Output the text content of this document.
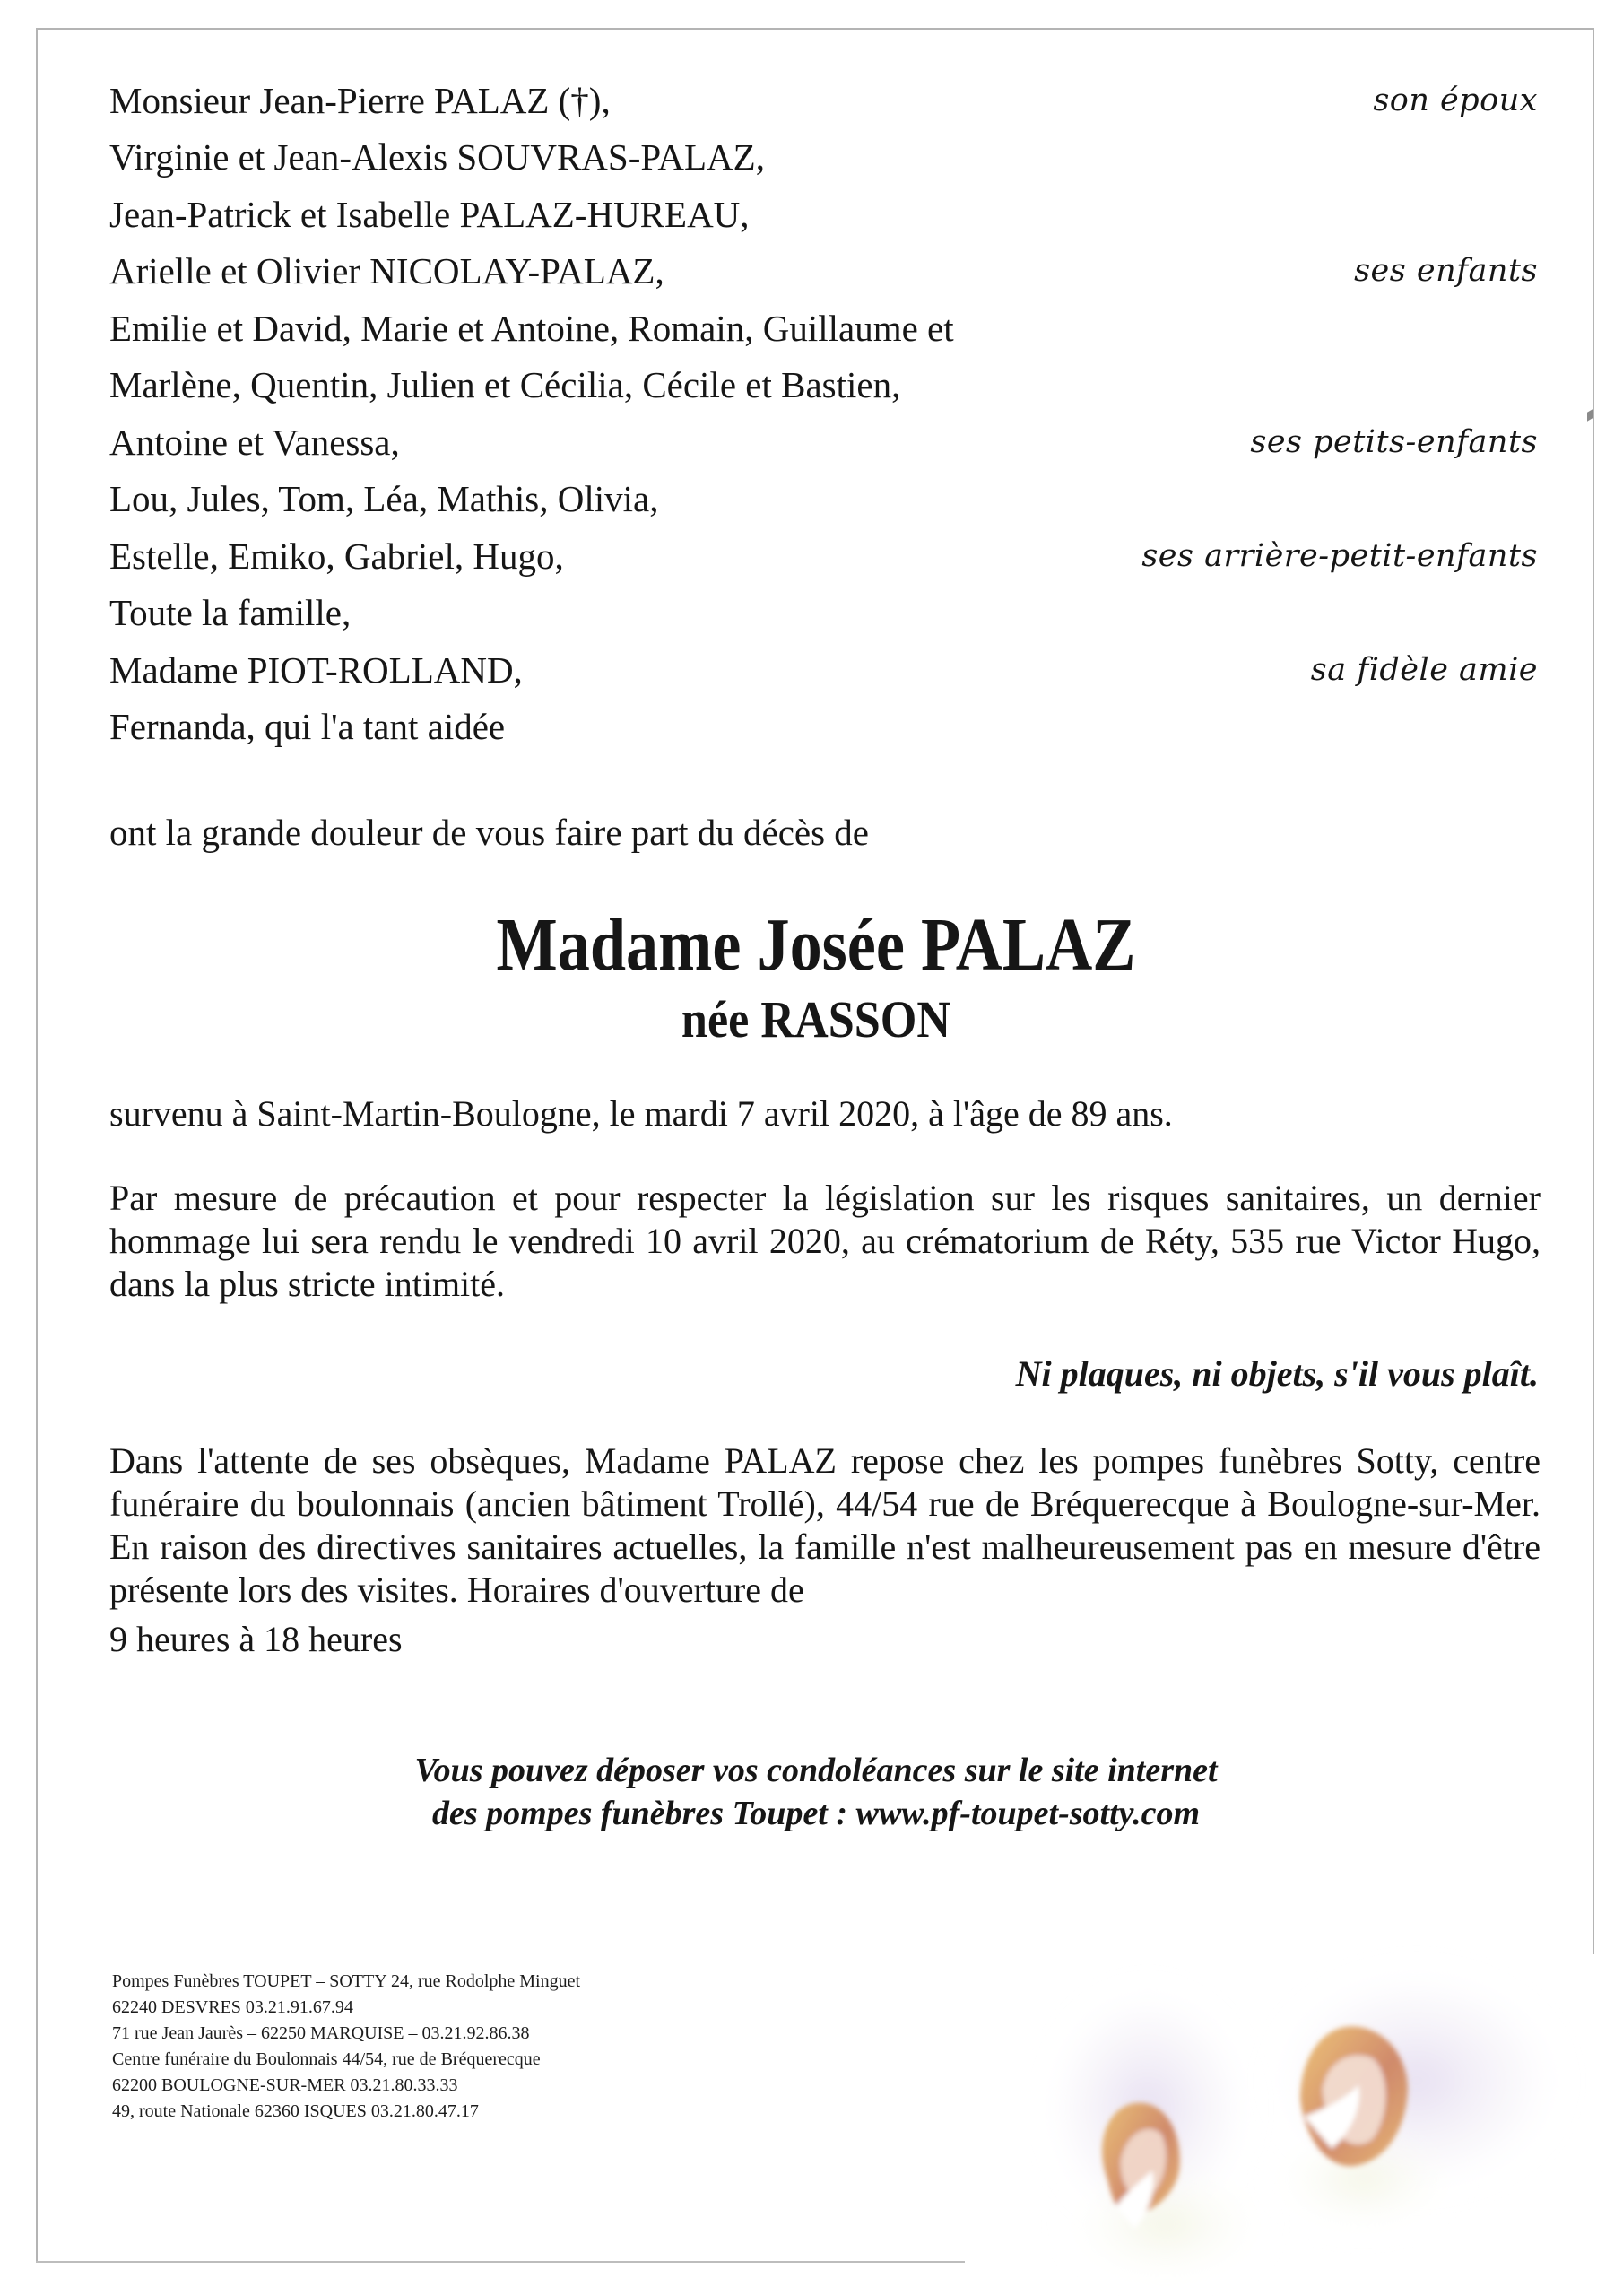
Monsieur Jean-Pierre PALAZ (†),	son époux
Virginie et Jean-Alexis SOUVRAS-PALAZ,
Jean-Patrick et Isabelle PALAZ-HUREAU,
Arielle et Olivier NICOLAY-PALAZ,	ses enfants
Emilie et David, Marie et Antoine, Romain, Guillaume et
Marlène, Quentin, Julien et Cécilia, Cécile et Bastien,
Antoine et Vanessa,	ses petits-enfants
Lou, Jules, Tom, Léa, Mathis, Olivia,
Estelle, Emiko, Gabriel, Hugo,	ses arrière-petit-enfants
Toute la famille,
Madame PIOT-ROLLAND,	sa fidèle amie
Fernanda, qui l'a tant aidée
ont la grande douleur de vous faire part du décès de
Madame Josée PALAZ
née RASSON
survenu à Saint-Martin-Boulogne, le mardi 7 avril 2020, à l'âge de 89 ans.

Par mesure de précaution et pour respecter la législation sur les risques sanitaires, un dernier hommage lui sera rendu le vendredi 10 avril 2020, au crématorium de Réty, 535 rue Victor Hugo, dans la plus stricte intimité.

Ni plaques, ni objets, s'il vous plaît.

Dans l'attente de ses obsèques, Madame PALAZ repose chez les pompes funèbres Sotty, centre funéraire du boulonnais (ancien bâtiment Trollé), 44/54 rue de Bréquerecque à Boulogne-sur-Mer. En raison des directives sanitaires actuelles, la famille n'est malheureusement pas en mesure d'être présente lors des visites. Horaires d'ouverture de

9 heures à 18 heures
Vous pouvez déposer vos condoléances sur le site internet
des pompes funèbres Toupet : www.pf-toupet-sotty.com
Pompes Funèbres TOUPET – SOTTY 24, rue Rodolphe Minguet
62240 DESVRES 03.21.91.67.94
71 rue Jean Jaurès – 62250 MARQUISE – 03.21.92.86.38
Centre funéraire du Boulonnais 44/54, rue de Bréquerecque
62200 BOULOGNE-SUR-MER 03.21.80.33.33
49, route Nationale 62360 ISQUES 03.21.80.47.17
